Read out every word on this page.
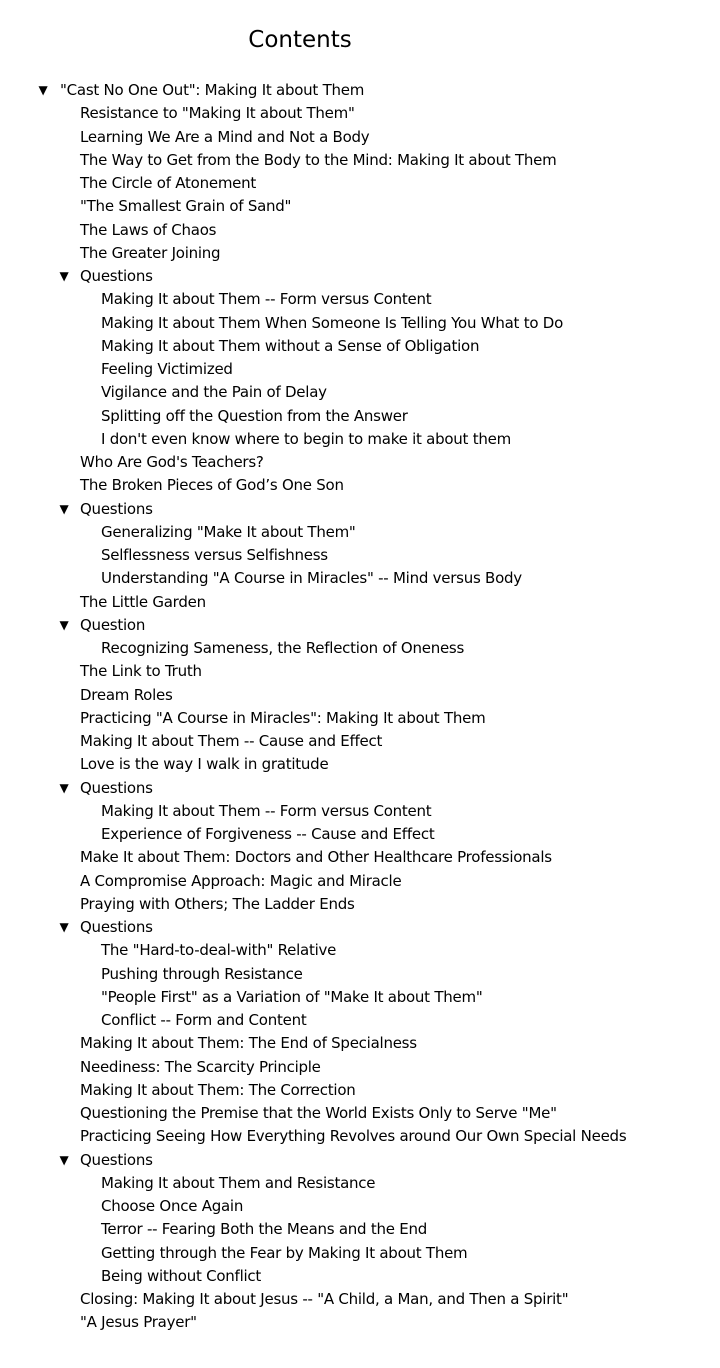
Contents
▼ "Cast No One Out": Making It about Them
Resistance to "Making It about Them"
Learning We Are a Mind and Not a Body
The Way to Get from the Body to the Mind: Making It about Them
The Circle of Atonement
"The Smallest Grain of Sand"
The Laws of Chaos
The Greater Joining
▼ Questions
Making It about Them -- Form versus Content
Making It about Them When Someone Is Telling You What to Do
Making It about Them without a Sense of Obligation
Feeling Victimized
Vigilance and the Pain of Delay
Splitting off the Question from the Answer
I don't even know where to begin to make it about them
Who Are God's Teachers?
The Broken Pieces of God’s One Son
▼ Questions
Generalizing "Make It about Them"
Selflessness versus Selfishness
Understanding "A Course in Miracles" -- Mind versus Body
The Little Garden
▼ Question
Recognizing Sameness, the Reflection of Oneness
The Link to Truth
Dream Roles
Practicing "A Course in Miracles": Making It about Them
Making It about Them -- Cause and Effect
Love is the way I walk in gratitude
▼ Questions
Making It about Them -- Form versus Content
Experience of Forgiveness -- Cause and Effect
Make It about Them: Doctors and Other Healthcare Professionals
A Compromise Approach: Magic and Miracle
Praying with Others; The Ladder Ends
▼ Questions
The "Hard-to-deal-with" Relative
Pushing through Resistance
"People First" as a Variation of "Make It about Them"
Conflict -- Form and Content
Making It about Them: The End of Specialness
Neediness: The Scarcity Principle
Making It about Them: The Correction
Questioning the Premise that the World Exists Only to Serve "Me"
Practicing Seeing How Everything Revolves around Our Own Special Needs
▼ Questions
Making It about Them and Resistance
Choose Once Again
Terror -- Fearing Both the Means and the End
Getting through the Fear by Making It about Them
Being without Conflict
Closing: Making It about Jesus -- "A Child, a Man, and Then a Spirit"
"A Jesus Prayer"
